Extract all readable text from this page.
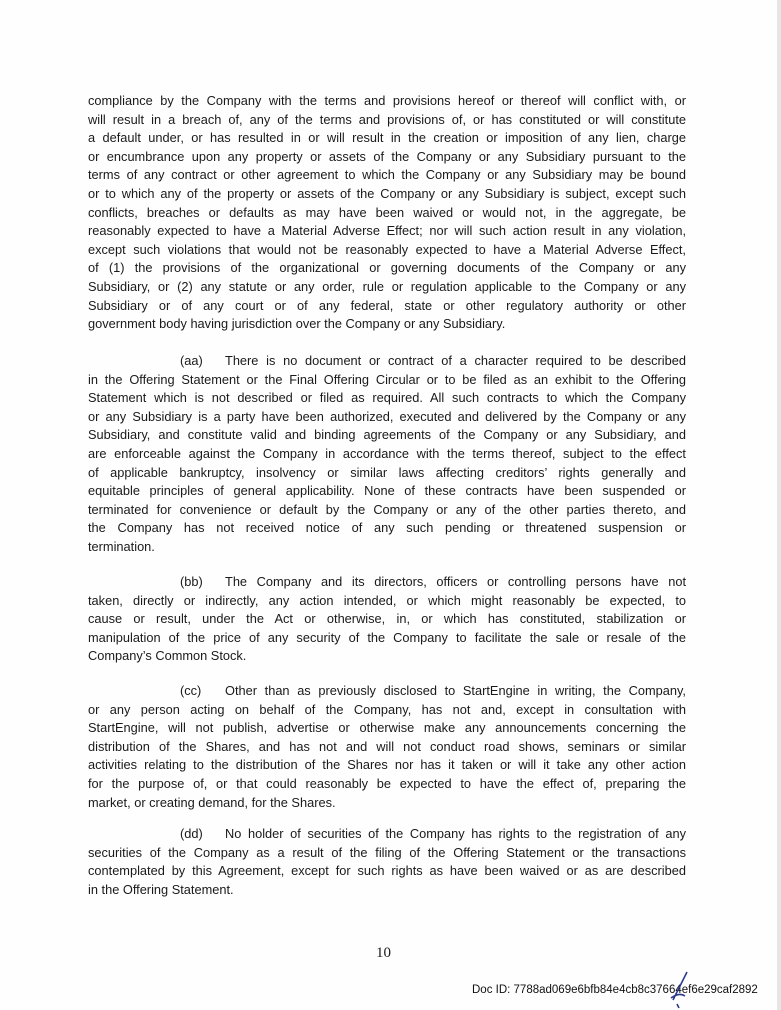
compliance by the Company with the terms and provisions hereof or thereof will conflict with, or
will result in a breach of, any of the terms and provisions of, or has constituted or will constitute
a default under, or has resulted in or will result in the creation or imposition of any lien, charge
or encumbrance upon any property or assets of the Company or any Subsidiary pursuant to the
terms of any contract or other agreement to which the Company or any Subsidiary may be bound
or to which any of the property or assets of the Company or any Subsidiary is subject, except such
conflicts, breaches or defaults as may have been waived or would not, in the aggregate, be
reasonably expected to have a Material Adverse Effect; nor will such action result in any violation,
except such violations that would not be reasonably expected to have a Material Adverse Effect,
of (1) the provisions of the organizational or governing documents of the Company or any
Subsidiary, or (2) any statute or any order, rule or regulation applicable to the Company or any
Subsidiary or of any court or of any federal, state or other regulatory authority or other
government body having jurisdiction over the Company or any Subsidiary.
(aa)	There is no document or contract of a character required to be described
in the Offering Statement or the Final Offering Circular or to be filed as an exhibit to the Offering
Statement which is not described or filed as required. All such contracts to which the Company
or any Subsidiary is a party have been authorized, executed and delivered by the Company or any
Subsidiary, and constitute valid and binding agreements of the Company or any Subsidiary, and
are enforceable against the Company in accordance with the terms thereof, subject to the effect
of applicable bankruptcy, insolvency or similar laws affecting creditors’ rights generally and
equitable principles of general applicability. None of these contracts have been suspended or
terminated for convenience or default by the Company or any of the other parties thereto, and
the Company has not received notice of any such pending or threatened suspension or
termination.
(bb)	The Company and its directors, officers or controlling persons have not
taken, directly or indirectly, any action intended, or which might reasonably be expected, to
cause or result, under the Act or otherwise, in, or which has constituted, stabilization or
manipulation of the price of any security of the Company to facilitate the sale or resale of the
Company’s Common Stock.
(cc)	Other than as previously disclosed to StartEngine in writing, the Company,
or any person acting on behalf of the Company, has not and, except in consultation with
StartEngine, will not publish, advertise or otherwise make any announcements concerning the
distribution of the Shares, and has not and will not conduct road shows, seminars or similar
activities relating to the distribution of the Shares nor has it taken or will it take any other action
for the purpose of, or that could reasonably be expected to have the effect of, preparing the
market, or creating demand, for the Shares.
(dd)	No holder of securities of the Company has rights to the registration of any
securities of the Company as a result of the filing of the Offering Statement or the transactions
contemplated by this Agreement, except for such rights as have been waived or as are described
in the Offering Statement.
10
Doc ID: 7788ad069e6bfb84e4cb8c37664ef6e29caf2892
